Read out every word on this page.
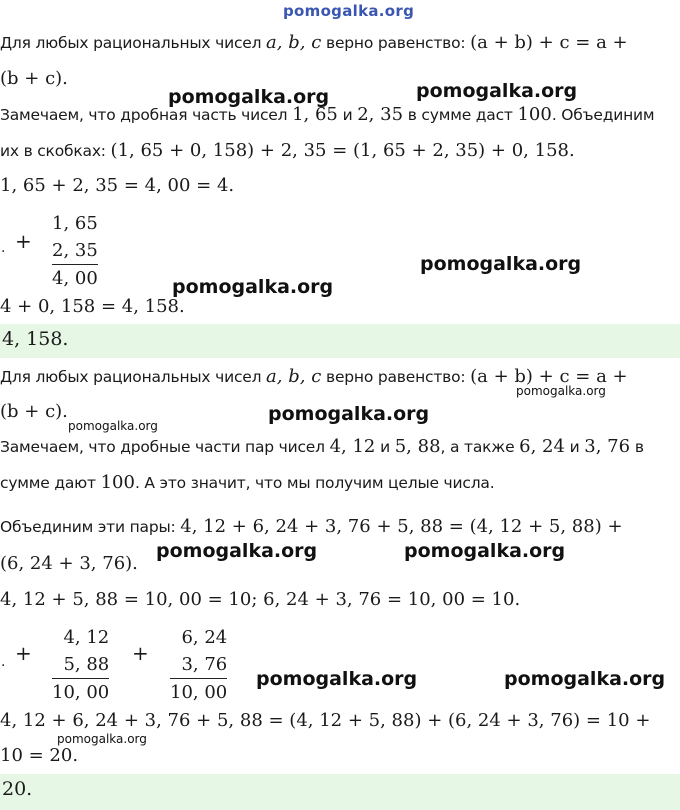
pomogalka.org
Для любых рациональных чисел a, b, c верно равенство: (a + b) + c = a +
(b + c).
pomogalka.org	pomogalka.org
Замечаем, что дробная часть чисел 1, 65 и 2, 35 в сумме даст 100. Объединим
их в скобках: (1, 65 + 0, 158) + 2, 35 = (1, 65 + 2, 35) + 0, 158.
1, 65 + 2, 35 = 4, 00 = 4.
. +
1, 65
2, 35
4, 00
pomogalka.org
pomogalka.org
4 + 0, 158 = 4, 158.
4, 158.
Для любых рациональных чисел a, b, c верно равенство: (a + b) + c = a +
pomogalka.org
(b + c).
pomogalka.org
pomogalka.org
Замечаем, что дробные части пар чисел 4, 12 и 5, 88, а также 6, 24 и 3, 76 в
сумме дают 100. А это значит, что мы получим целые числа.
Объединим эти пары: 4, 12 + 6, 24 + 3, 76 + 5, 88 = (4, 12 + 5, 88) +
pomogalka.org	pomogalka.org
(6, 24 + 3, 76).
4, 12 + 5, 88 = 10, 00 = 10; 6, 24 + 3, 76 = 10, 00 = 10.
. +
4, 12
5, 88
10, 00
+
6, 24
3, 76
10, 00
pomogalka.org	pomogalka.org
4, 12 + 6, 24 + 3, 76 + 5, 88 = (4, 12 + 5, 88) + (6, 24 + 3, 76) = 10 +
pomogalka.org
10 = 20.
20.
